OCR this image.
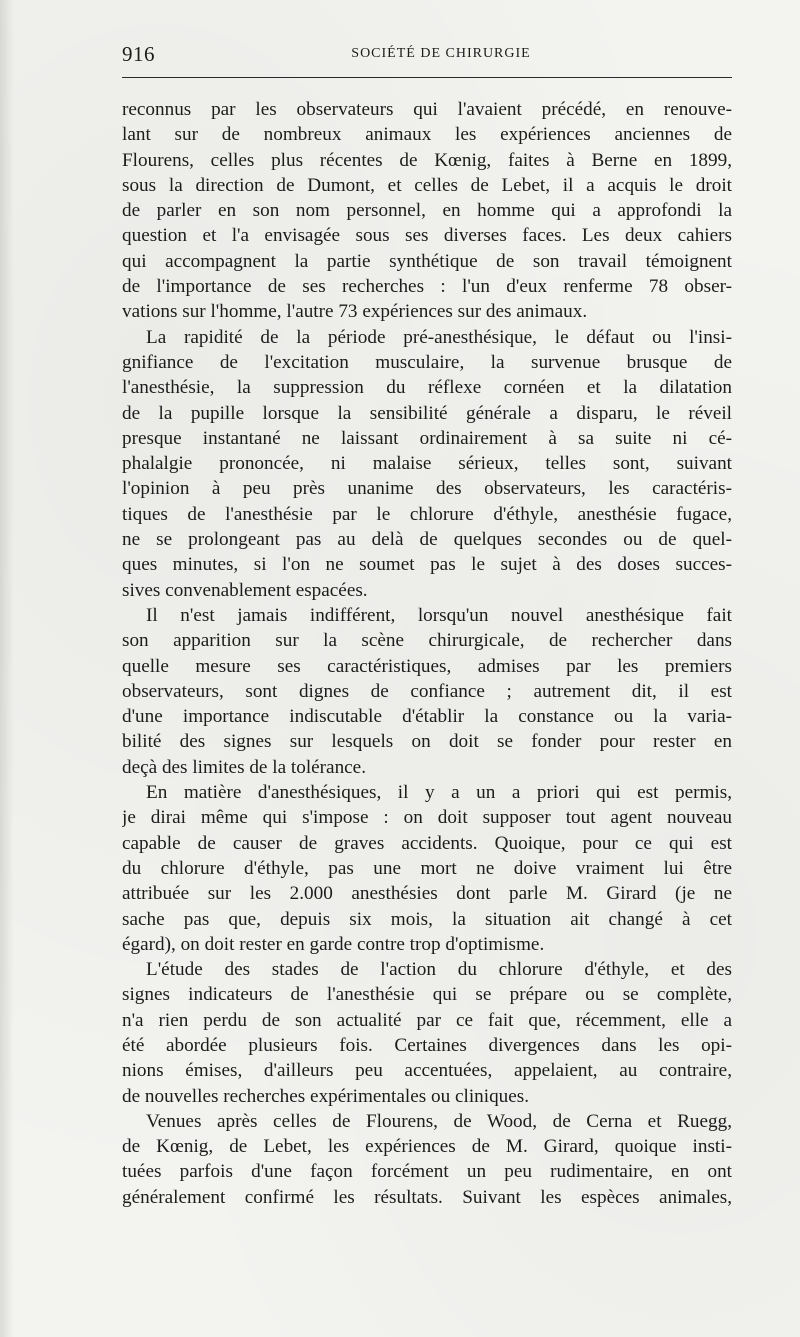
916	SOCIÉTÉ DE CHIRURGIE
reconnus par les observateurs qui l'avaient précédé, en renouve-
lant sur de nombreux animaux les expériences anciennes de
Flourens, celles plus récentes de Kœnig, faites à Berne en 1899,
sous la direction de Dumont, et celles de Lebet, il a acquis le droit
de parler en son nom personnel, en homme qui a approfondi la
question et l'a envisagée sous ses diverses faces. Les deux cahiers
qui accompagnent la partie synthétique de son travail témoignent
de l'importance de ses recherches : l'un d'eux renferme 78 obser-
vations sur l'homme, l'autre 73 expériences sur des animaux.
La rapidité de la période pré-anesthésique, le défaut ou l'insi-
gnifiance de l'excitation musculaire, la survenue brusque de
l'anesthésie, la suppression du réflexe cornéen et la dilatation
de la pupille lorsque la sensibilité générale a disparu, le réveil
presque instantané ne laissant ordinairement à sa suite ni cé-
phalalgie prononcée, ni malaise sérieux, telles sont, suivant
l'opinion à peu près unanime des observateurs, les caractéris-
tiques de l'anesthésie par le chlorure d'éthyle, anesthésie fugace,
ne se prolongeant pas au delà de quelques secondes ou de quel-
ques minutes, si l'on ne soumet pas le sujet à des doses succes-
sives convenablement espacées.
Il n'est jamais indifférent, lorsqu'un nouvel anesthésique fait
son apparition sur la scène chirurgicale, de rechercher dans
quelle mesure ses caractéristiques, admises par les premiers
observateurs, sont dignes de confiance ; autrement dit, il est
d'une importance indiscutable d'établir la constance ou la varia-
bilité des signes sur lesquels on doit se fonder pour rester en
deçà des limites de la tolérance.
En matière d'anesthésiques, il y a un a priori qui est permis,
je dirai même qui s'impose : on doit supposer tout agent nouveau
capable de causer de graves accidents. Quoique, pour ce qui est
du chlorure d'éthyle, pas une mort ne doive vraiment lui être
attribuée sur les 2.000 anesthésies dont parle M. Girard (je ne
sache pas que, depuis six mois, la situation ait changé à cet
égard), on doit rester en garde contre trop d'optimisme.
L'étude des stades de l'action du chlorure d'éthyle, et des
signes indicateurs de l'anesthésie qui se prépare ou se complète,
n'a rien perdu de son actualité par ce fait que, récemment, elle a
été abordée plusieurs fois. Certaines divergences dans les opi-
nions émises, d'ailleurs peu accentuées, appelaient, au contraire,
de nouvelles recherches expérimentales ou cliniques.
Venues après celles de Flourens, de Wood, de Cerna et Ruegg,
de Kœnig, de Lebet, les expériences de M. Girard, quoique insti-
tuées parfois d'une façon forcément un peu rudimentaire, en ont
généralement confirmé les résultats. Suivant les espèces animales,
